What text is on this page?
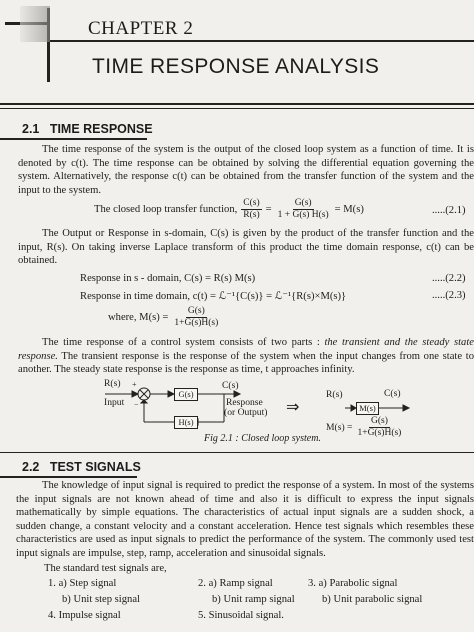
CHAPTER 2
TIME RESPONSE ANALYSIS
2.1 TIME RESPONSE
The time response of the system is the output of the closed loop system as a function of time. It is denoted by c(t). The time response can be obtained by solving the differential equation governing the system. Alternatively, the response c(t) can be obtained from the transfer function of the system and the input to the system.
The closed loop transfer function, $\frac{C(s)}{R(s)} = \frac{G(s)}{1 + G(s) H(s)} = M(s)$	.....(2.1)
The Output or Response in s-domain, C(s) is given by the product of the transfer function and the input, R(s). On taking inverse Laplace transform of this product the time domain response, c(t) can be obtained.
Response in s - domain, C(s) = R(s) M(s)	.....(2.2)
Response in time domain, c(t) = ℒ⁻¹{C(s)} = ℒ⁻¹{R(s)×M(s)}	.....(2.3)
where, $M(s) = \frac{G(s)}{1+G(s)H(s)}$
The time response of a control system consists of two parts : the transient and the steady state response. The transient response is the response of the system when the input changes from one state to another. The steady state response is the response as time, t approaches infinity.
R(s)
Input
+
−
G(s)
C(s)
Response
(or Output)
H(s)
⇒
R(s)
M(s)
C(s)
$M(s) = \frac{G(s)}{1+G(s)H(s)}$
Fig 2.1 : Closed loop system.
2.2 TEST SIGNALS
The knowledge of input signal is required to predict the response of a system. In most of the systems the input signals are not known ahead of time and also it is difficult to express the input signals mathematically by simple equations. The characteristics of actual input signals are a sudden shock, a sudden change, a constant velocity and a constant acceleration. Hence test signals which resembles these characteristics are used as input signals to predict the performance of the system. The commonly used test input signals are impulse, step, ramp, acceleration and sinusoidal signals.
The standard test signals are,
1. a) Step signal	2. a) Ramp signal	3. a) Parabolic signal
b) Unit step signal	b) Unit ramp signal	b) Unit parabolic signal
4. Impulse signal	5. Sinusoidal signal.
